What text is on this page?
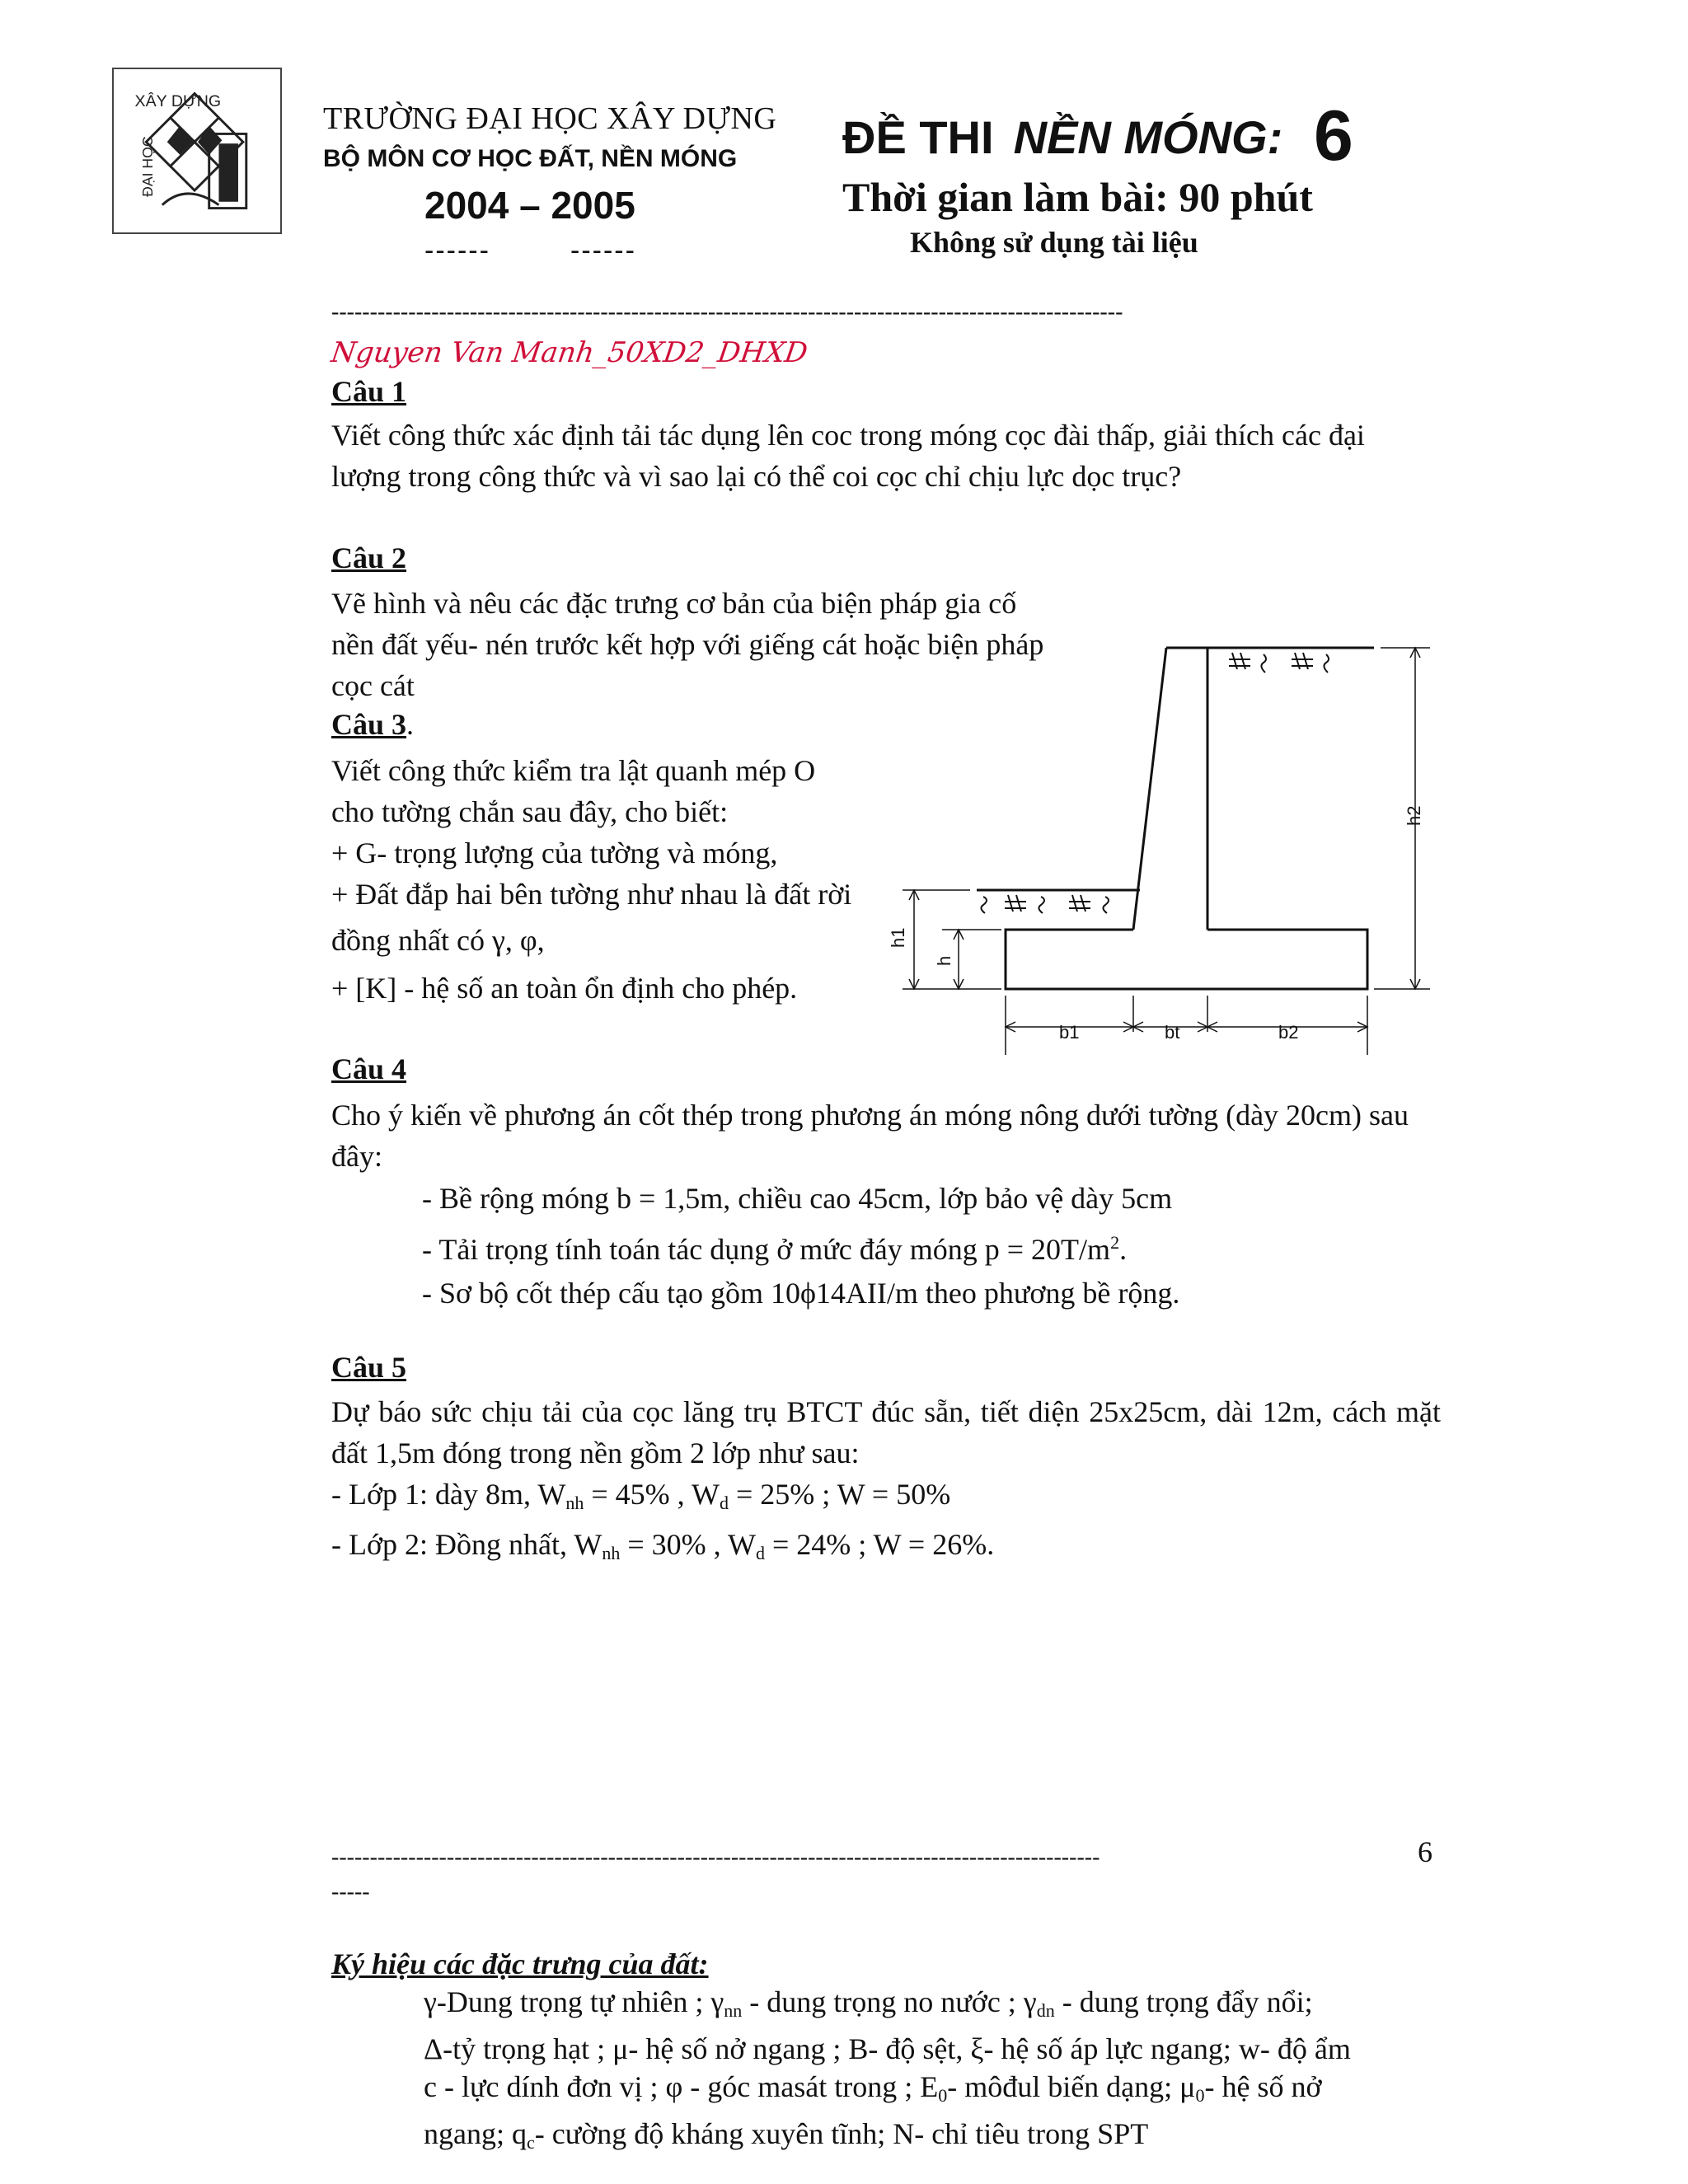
XÂY DỰNG
ĐẠI HỌC
TRƯỜNG ĐẠI HỌC XÂY DỰNG
BỘ MÔN CƠ HỌC ĐẤT, NỀN MÓNG
2004 – 2005
------	------
ĐỀ THI NỀN MÓNG: 6
Thời gian làm bài: 90 phút
Không sử dụng tài liệu
-------------------------------------------------------------------------------------------------------
Nguyen Van Manh_50XD2_DHXD
Câu 1
Viết công thức xác định tải tác dụng lên coc trong móng cọc đài thấp, giải thích các đại lượng trong công thức và vì sao lại có thể coi cọc chỉ chịu lực dọc trục?
Câu 2
Vẽ hình và nêu các đặc trưng cơ bản của biện pháp gia cố nền đất yếu- nén trước kết hợp với giếng cát hoặc biện pháp cọc cát
Câu 3.
Viết công thức kiểm tra lật quanh mép O
cho tường chắn sau đây, cho biết:
+ G- trọng lượng của tường và móng,
+ Đất đắp hai bên tường như nhau là đất rời
đồng nhất có γ, φ,
+ [K] - hệ số an toàn ổn định cho phép.
h2
h1
h
b1	bt	b2
Câu 4
Cho ý kiến về phương án cốt thép trong phương án móng nông dưới tường (dày 20cm) sau đây:
- Bề rộng móng b = 1,5m, chiều cao 45cm, lớp bảo vệ dày 5cm
- Tải trọng tính toán tác dụng ở mức đáy móng $p = 20T/m^2$.
- Sơ bộ cốt thép cấu tạo gồm 10ϕ14AII/m theo phương bề rộng.
Câu 5
Dự báo sức chịu tải của cọc lăng trụ BTCT đúc sẵn, tiết diện 25x25cm, dài 12m, cách mặt đất 1,5m đóng trong nền gồm 2 lớp như sau:
- Lớp 1: dày 8m, $W_{nh} = 45\%$ , $W_d = 25\%$ ; W = 50%
- Lớp 2: Đồng nhất, $W_{nh} = 30\%$ , $W_d = 24\%$ ; W = 26%.
----------------------------------------------------------------------------------------------------
-----
6
Ký hiệu các đặc trưng của đất:
γ-Dung trọng tự nhiên ; $\gamma_{nn}$ - dung trọng no nước ; $\gamma_{dn}$ - dung trọng đẩy nổi;
Δ-tỷ trọng hạt ; μ- hệ số nở ngang ; B- độ sệt, ξ- hệ số áp lực ngang; w- độ ẩm
c - lực dính đơn vị ; φ - góc masát trong ; $E_0-$ môđul biến dạng; $\mu_0-$ hệ số nở
ngang; $q_c-$ cường độ kháng xuyên tĩnh; N- chỉ tiêu trong SPT
